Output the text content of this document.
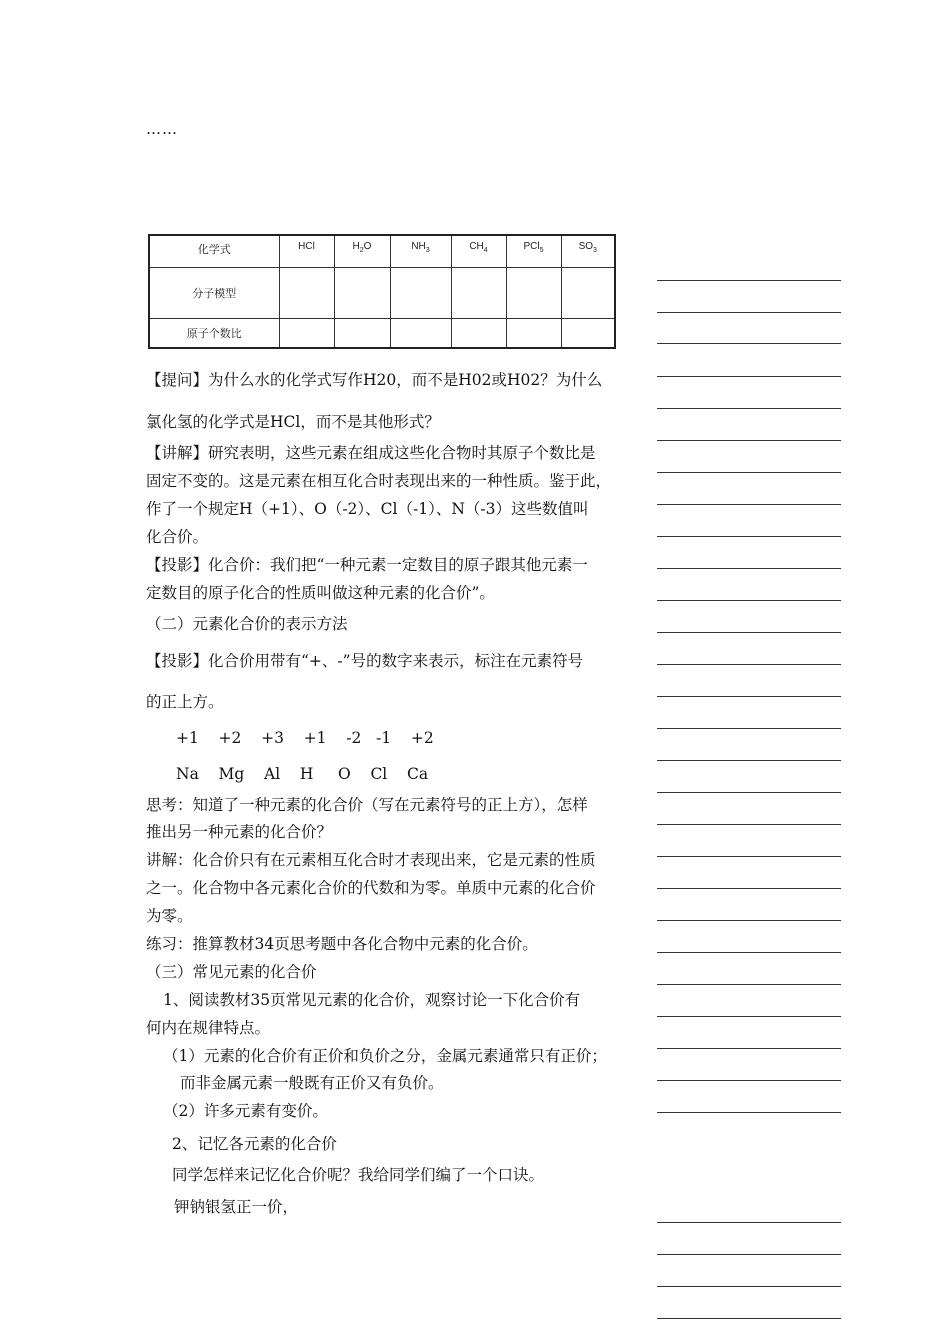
……
化学式	HCl	$H_2O$	$NH_3$	$CH_4$	PCl$_5$	$SO_3$
分子模型						
原子个数比						
【提问】为什么水的化学式写作H20，而不是H02或H02？为什么
氯化氢的化学式是HCl，而不是其他形式？
【讲解】研究表明，这些元素在组成这些化合物时其原子个数比是
固定不变的。这是元素在相互化合时表现出来的一种性质。鉴于此，
作了一个规定H（+1）、O（-2）、Cl（-1）、N（-3）这些数值叫
化合价。
【投影】化合价：我们把“一种元素一定数目的原子跟其他元素一
定数目的原子化合的性质叫做这种元素的化合价”。
（二）元素化合价的表示方法
【投影】化合价用带有“+、-”号的数字来表示，标注在元素符号
的正上方。
+1    +2    +3    +1    -2   -1    +2
Na    Mg    Al    H     O    Cl    Ca
思考：知道了一种元素的化合价（写在元素符号的正上方），怎样
推出另一种元素的化合价？
讲解：化合价只有在元素相互化合时才表现出来，它是元素的性质
之一。化合物中各元素化合价的代数和为零。单质中元素的化合价
为零。
练习：推算教材34页思考题中各化合物中元素的化合价。
（三）常见元素的化合价
1、阅读教材35页常见元素的化合价，观察讨论一下化合价有
何内在规律特点。
（1）元素的化合价有正价和负价之分，金属元素通常只有正价；
而非金属元素一般既有正价又有负价。
（2）许多元素有变价。
2、记忆各元素的化合价
同学怎样来记忆化合价呢？我给同学们编了一个口诀。
钾钠银氢正一价，
